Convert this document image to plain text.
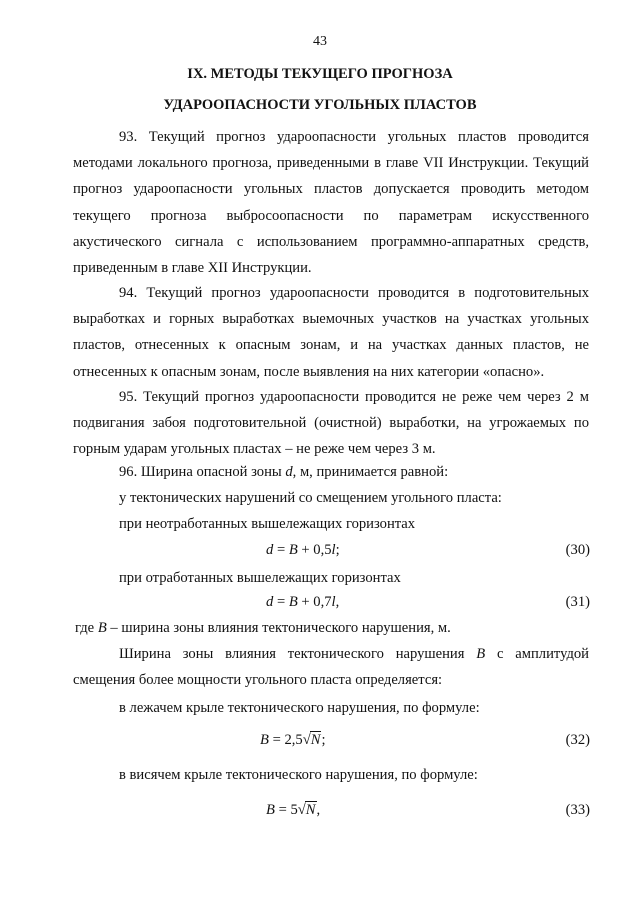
43
IX. МЕТОДЫ ТЕКУЩЕГО ПРОГНОЗА
УДАРООПАСНОСТИ УГОЛЬНЫХ ПЛАСТОВ

93. Текущий прогноз удароопасности угольных пластов проводится методами локального прогноза, приведенными в главе VII Инструкции. Текущий прогноз удароопасности угольных пластов допускается проводить методом текущего прогноза выбросоопасности по параметрам искусственного акустического сигнала с использованием программно-аппаратных средств, приведенным в главе XII Инструкции.

94. Текущий прогноз удароопасности проводится в подготовительных выработках и горных выработках выемочных участков на участках угольных пластов, отнесенных к опасным зонам, и на участках данных пластов, не отнесенных к опасным зонам, после выявления на них категории «опасно».

95. Текущий прогноз удароопасности проводится не реже чем через 2 м подвигания забоя подготовительной (очистной) выработки, на угрожаемых по горным ударам угольных пластах – не реже чем через 3 м.

96. Ширина опасной зоны d, м, принимается равной:
у тектонических нарушений со смещением угольного пласта:
при неотработанных вышележащих горизонтах
d = B + 0,5l;	(30)
при отработанных вышележащих горизонтах
d = B + 0,7l,	(31)
где B – ширина зоны влияния тектонического нарушения, м.

Ширина зоны влияния тектонического нарушения B с амплитудой смещения более мощности угольного пласта определяется:

в лежачем крыле тектонического нарушения, по формуле:
B = 2,5√N;	(32)
в висячем крыле тектонического нарушения, по формуле:
B = 5√N,	(33)
